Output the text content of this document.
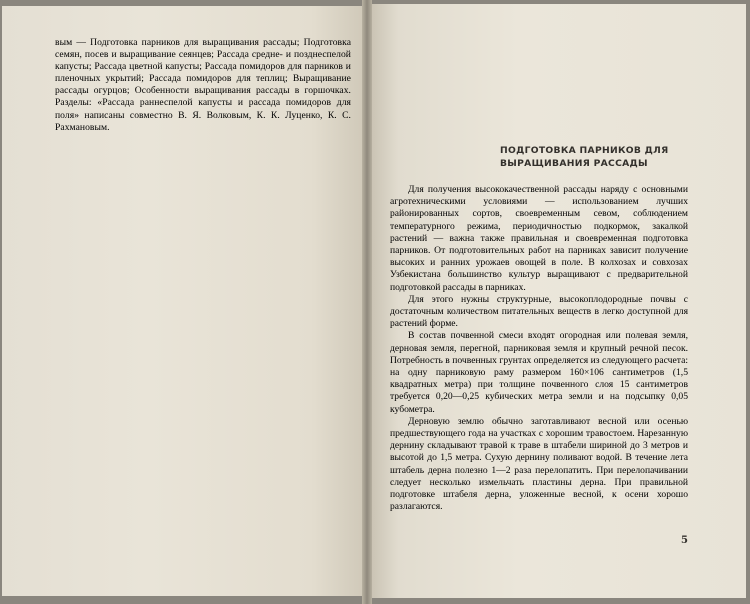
вым — Подготовка парников для выращивания рассады; Подготовка семян, посев и выращивание сеянцев; Рассада средне- и позднеспелой капусты; Рассада цветной капусты; Рассада помидоров для парников и пленочных укрытий; Рассада помидоров для теплиц; Выращивание рассады огурцов; Особенности выращивания рассады в горшочках. Разделы: «Рассада раннеспелой капусты и рассада помидоров для поля» написаны совместно В. Я. Волковым, К. К. Луценко, К. С. Рахмановым.
ПОДГОТОВКА ПАРНИКОВ ДЛЯ
ВЫРАЩИВАНИЯ РАССАДЫ

Для получения высококачественной рассады наряду с основными агротехническими условиями — использованием лучших районированных сортов, своевременным севом, соблюдением температурного режима, периодичностью подкормок, закалкой растений — важна также правильная и своевременная подготовка парников. От подготовительных работ на парниках зависит получение высоких и ранних урожаев овощей в поле. В колхозах и совхозах Узбекистана большинство культур выращивают с предварительной подготовкой рассады в парниках.

Для этого нужны структурные, высокоплодородные почвы с достаточным количеством питательных веществ в легко доступной для растений форме.

В состав почвенной смеси входят огородная или полевая земля, дерновая земля, перегной, парниковая земля и крупный речной песок. Потребность в почвенных грунтах определяется из следующего расчета: на одну парниковую раму размером 160×106 сантиметров (1,5 квадратных метра) при толщине почвенного слоя 15 сантиметров требуется 0,20—0,25 кубических метра земли и на подсыпку 0,05 кубометра.

Дерновую землю обычно заготавливают весной или осенью предшествующего года на участках с хорошим травостоем. Нарезанную дернину складывают травой к траве в штабели шириной до 3 метров и высотой до 1,5 метра. Сухую дернину поливают водой. В течение лета штабель дерна полезно 1—2 раза перелопатить. При перелопачивании следует несколько измельчать пластины дерна. При правильной подготовке штабеля дерна, уложенные весной, к осени хорошо разлагаются.

5
